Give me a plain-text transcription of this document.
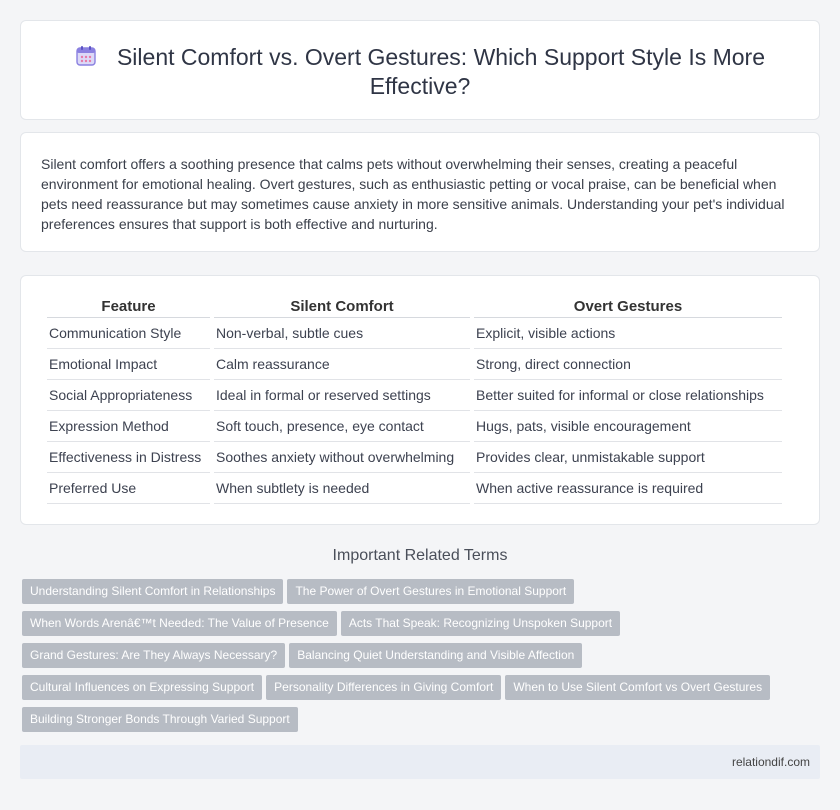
Silent Comfort vs. Overt Gestures: Which Support Style Is More Effective?

Silent comfort offers a soothing presence that calms pets without overwhelming their senses, creating a peaceful environment for emotional healing. Overt gestures, such as enthusiastic petting or vocal praise, can be beneficial when pets need reassurance but may sometimes cause anxiety in more sensitive animals. Understanding your pet's individual preferences ensures that support is both effective and nurturing.

Feature	Silent Comfort	Overt Gestures
Communication Style	Non-verbal, subtle cues	Explicit, visible actions
Emotional Impact	Calm reassurance	Strong, direct connection
Social Appropriateness	Ideal in formal or reserved settings	Better suited for informal or close relationships
Expression Method	Soft touch, presence, eye contact	Hugs, pats, visible encouragement
Effectiveness in Distress	Soothes anxiety without overwhelming	Provides clear, unmistakable support
Preferred Use	When subtlety is needed	When active reassurance is required
Important Related Terms
Understanding Silent Comfort in Relationships The Power of Overt Gestures in Emotional Support
When Words Arenâ€™t Needed: The Value of Presence Acts That Speak: Recognizing Unspoken Support
Grand Gestures: Are They Always Necessary? Balancing Quiet Understanding and Visible Affection
Cultural Influences on Expressing Support Personality Differences in Giving Comfort When to Use Silent Comfort vs Overt Gestures
Building Stronger Bonds Through Varied Support
relationdif.com
